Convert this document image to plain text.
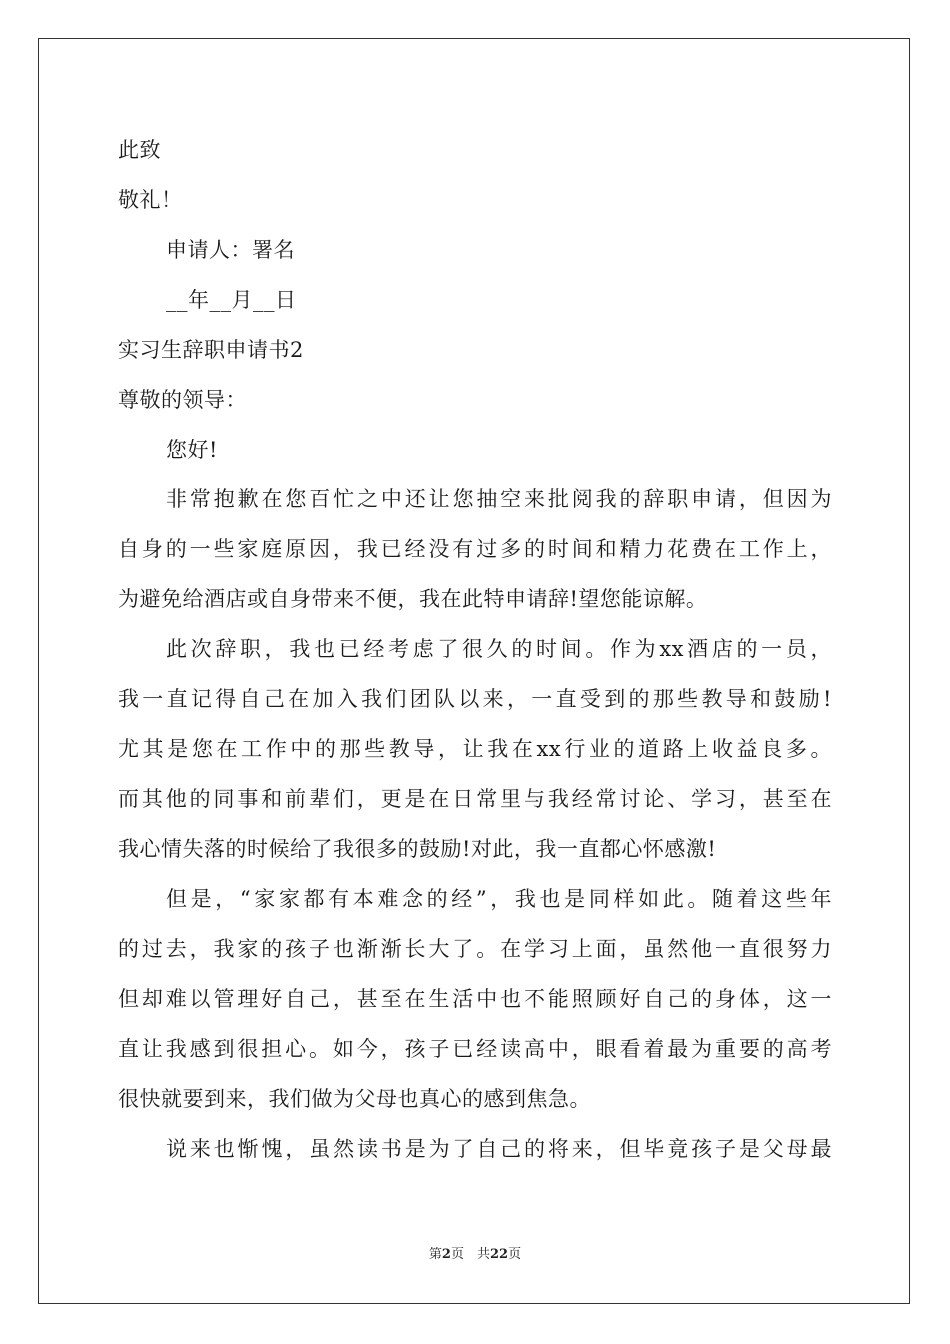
此致
敬礼！
申请人：署名
__年__月__日
实习生辞职申请书2
尊敬的领导：
您好!
非常抱歉在您百忙之中还让您抽空来批阅我的辞职申请，但因为
自身的一些家庭原因，我已经没有过多的时间和精力花费在工作上，
为避免给酒店或自身带来不便，我在此特申请辞!望您能谅解。
此次辞职，我也已经考虑了很久的时间。作为xx酒店的一员，
我一直记得自己在加入我们团队以来，一直受到的那些教导和鼓励!
尤其是您在工作中的那些教导，让我在xx行业的道路上收益良多。
而其他的同事和前辈们，更是在日常里与我经常讨论、学习，甚至在
我心情失落的时候给了我很多的鼓励!对此，我一直都心怀感激!
但是，“家家都有本难念的经”，我也是同样如此。随着这些年
的过去，我家的孩子也渐渐长大了。在学习上面，虽然他一直很努力
但却难以管理好自己，甚至在生活中也不能照顾好自己的身体，这一
直让我感到很担心。如今，孩子已经读高中，眼看着最为重要的高考
很快就要到来，我们做为父母也真心的感到焦急。
说来也惭愧，虽然读书是为了自己的将来，但毕竟孩子是父母最
第2页　共22页
